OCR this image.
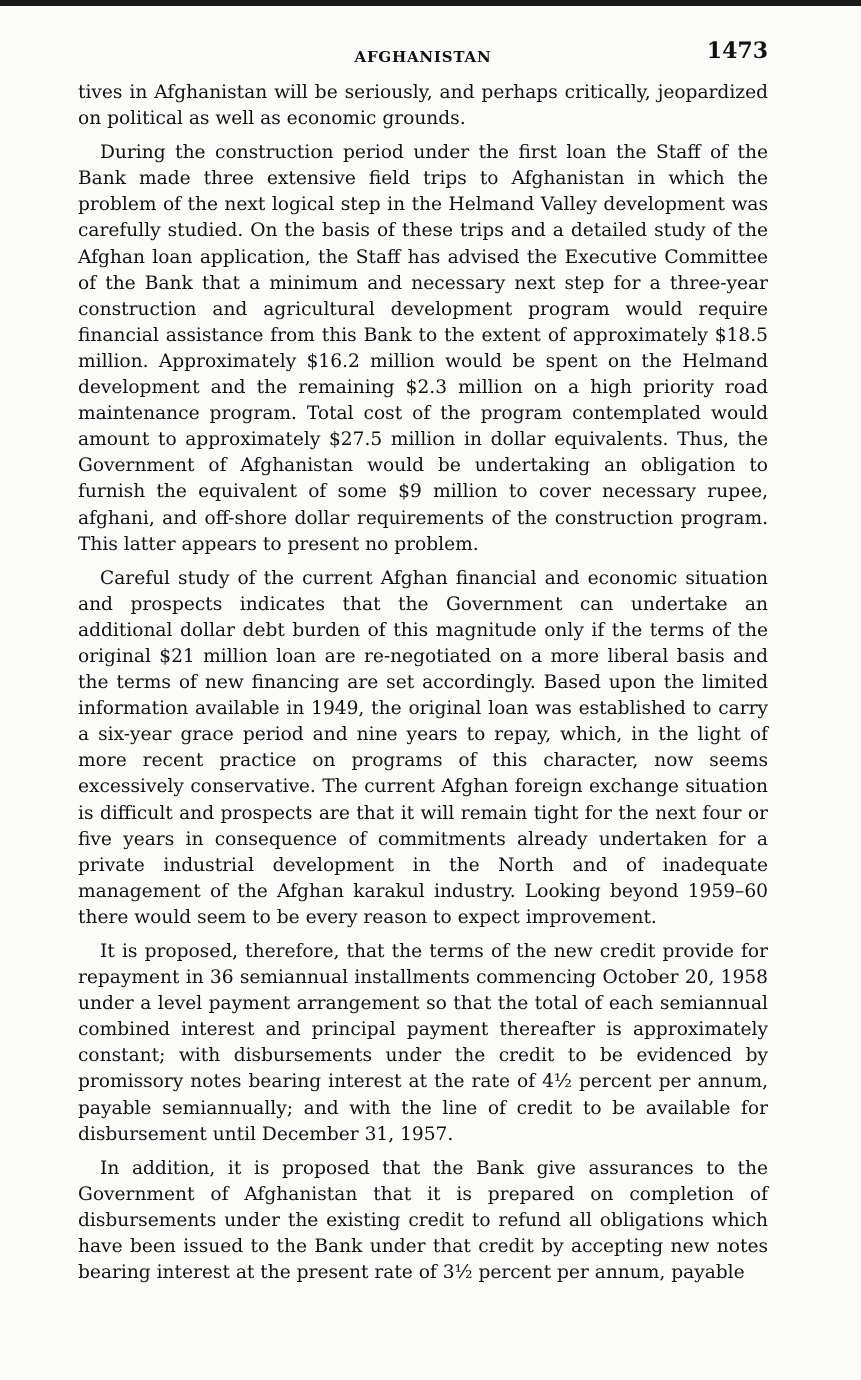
AFGHANISTAN	1473

tives in Afghanistan will be seriously, and perhaps critically, jeopardized on political as well as economic grounds.

During the construction period under the first loan the Staff of the Bank made three extensive field trips to Afghanistan in which the problem of the next logical step in the Helmand Valley development was carefully studied. On the basis of these trips and a detailed study of the Afghan loan application, the Staff has advised the Executive Committee of the Bank that a minimum and necessary next step for a three-year construction and agricultural development program would require financial assistance from this Bank to the extent of approximately $18.5 million. Approximately $16.2 million would be spent on the Helmand development and the remaining $2.3 million on a high priority road maintenance program. Total cost of the program contemplated would amount to approximately $27.5 million in dollar equivalents. Thus, the Government of Afghanistan would be undertaking an obligation to furnish the equivalent of some $9 million to cover necessary rupee, afghani, and off-shore dollar requirements of the construction program. This latter appears to present no problem.

Careful study of the current Afghan financial and economic situation and prospects indicates that the Government can undertake an additional dollar debt burden of this magnitude only if the terms of the original $21 million loan are re-negotiated on a more liberal basis and the terms of new financing are set accordingly. Based upon the limited information available in 1949, the original loan was established to carry a six-year grace period and nine years to repay, which, in the light of more recent practice on programs of this character, now seems excessively conservative. The current Afghan foreign exchange situation is difficult and prospects are that it will remain tight for the next four or five years in consequence of commitments already undertaken for a private industrial development in the North and of inadequate management of the Afghan karakul industry. Looking beyond 1959–60 there would seem to be every reason to expect improvement.

It is proposed, therefore, that the terms of the new credit provide for repayment in 36 semiannual installments commencing October 20, 1958 under a level payment arrangement so that the total of each semiannual combined interest and principal payment thereafter is approximately constant; with disbursements under the credit to be evidenced by promissory notes bearing interest at the rate of 4½ percent per annum, payable semiannually; and with the line of credit to be available for disbursement until December 31, 1957.

In addition, it is proposed that the Bank give assurances to the Government of Afghanistan that it is prepared on completion of disbursements under the existing credit to refund all obligations which have been issued to the Bank under that credit by accepting new notes bearing interest at the present rate of 3½ percent per annum, payable
